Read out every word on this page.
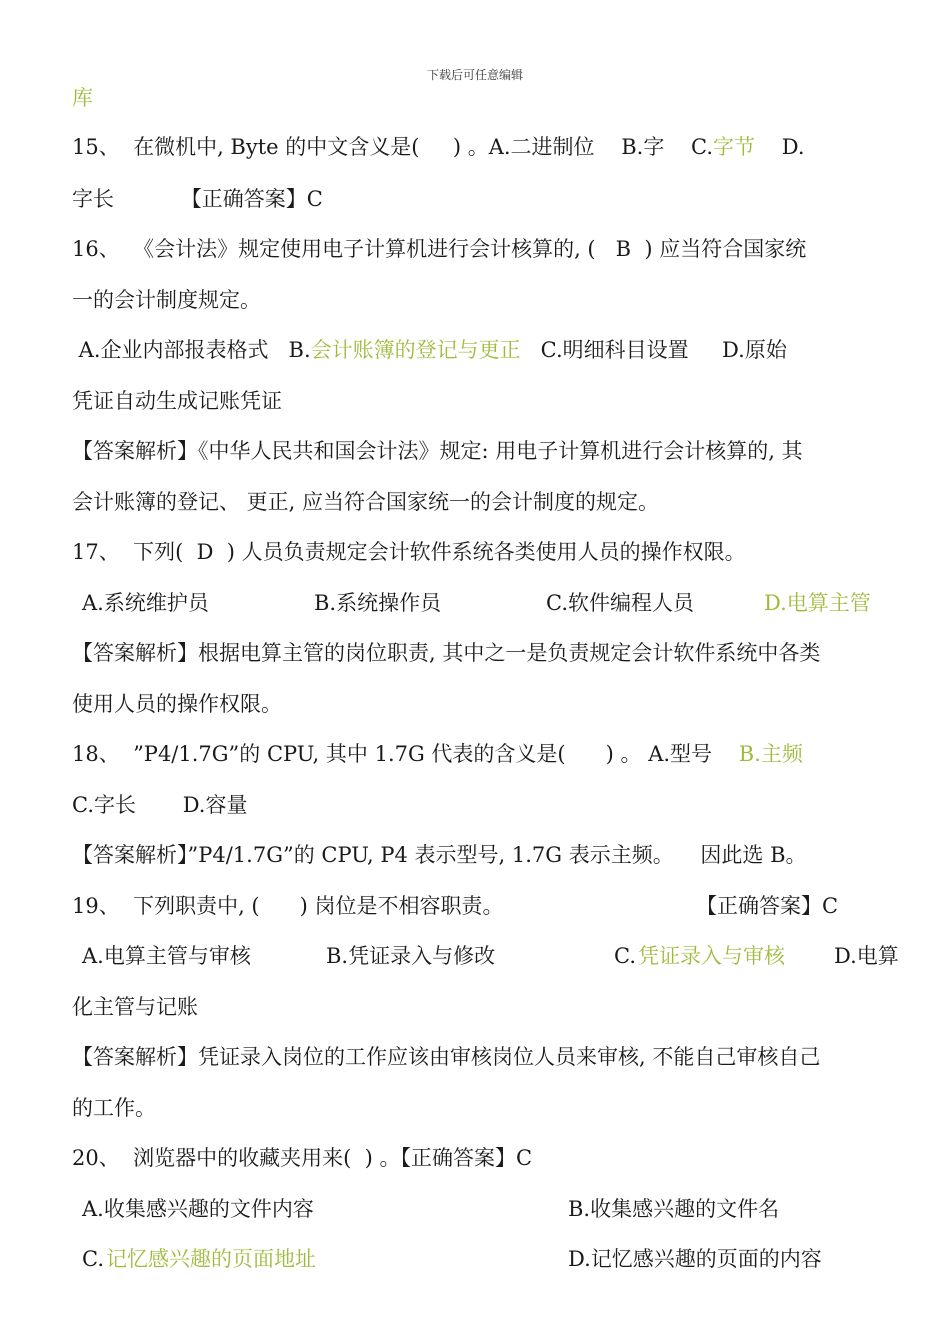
下载后可任意编辑
库
15、  在微机中, Byte 的中文含义是(     ) 。A.二进制位    B.字    C.字节    D.
字长          【正确答案】C
16、  《会计法》规定使用电子计算机进行会计核算的, (   B  ) 应当符合国家统
一的会计制度规定。
A.企业内部报表格式   B.会计账簿的登记与更正   C.明细科目设置     D.原始
凭证自动生成记账凭证
【答案解析】《中华人民共和国会计法》规定: 用电子计算机进行会计核算的, 其
会计账簿的登记、 更正, 应当符合国家统一的会计制度的规定。
17、  下列(  D  ) 人员负责规定会计软件系统各类使用人员的操作权限。
A.系统维护员	B.系统操作员	C.软件编程人员	D.电算主管
【答案解析】根据电算主管的岗位职责, 其中之一是负责规定会计软件系统中各类
使用人员的操作权限。
18、  ”P4/1.7G”的 CPU, 其中 1.7G 代表的含义是(      ) 。 A.型号    B.主频
C.字长       D.容量
【答案解析】”P4/1.7G”的 CPU, P4 表示型号, 1.7G 表示主频。    因此选 B。
19、  下列职责中, (      ) 岗位是不相容职责。	【正确答案】C
A.电算主管与审核	B.凭证录入与修改	C. 凭证录入与审核 D.电算
化主管与记账
【答案解析】凭证录入岗位的工作应该由审核岗位人员来审核, 不能自己审核自己
的工作。
20、  浏览器中的收藏夹用来(  ) 。【正确答案】C
A.收集感兴趣的文件内容	B.收集感兴趣的文件名
C. 记忆感兴趣的页面地址	D.记忆感兴趣的页面的内容
